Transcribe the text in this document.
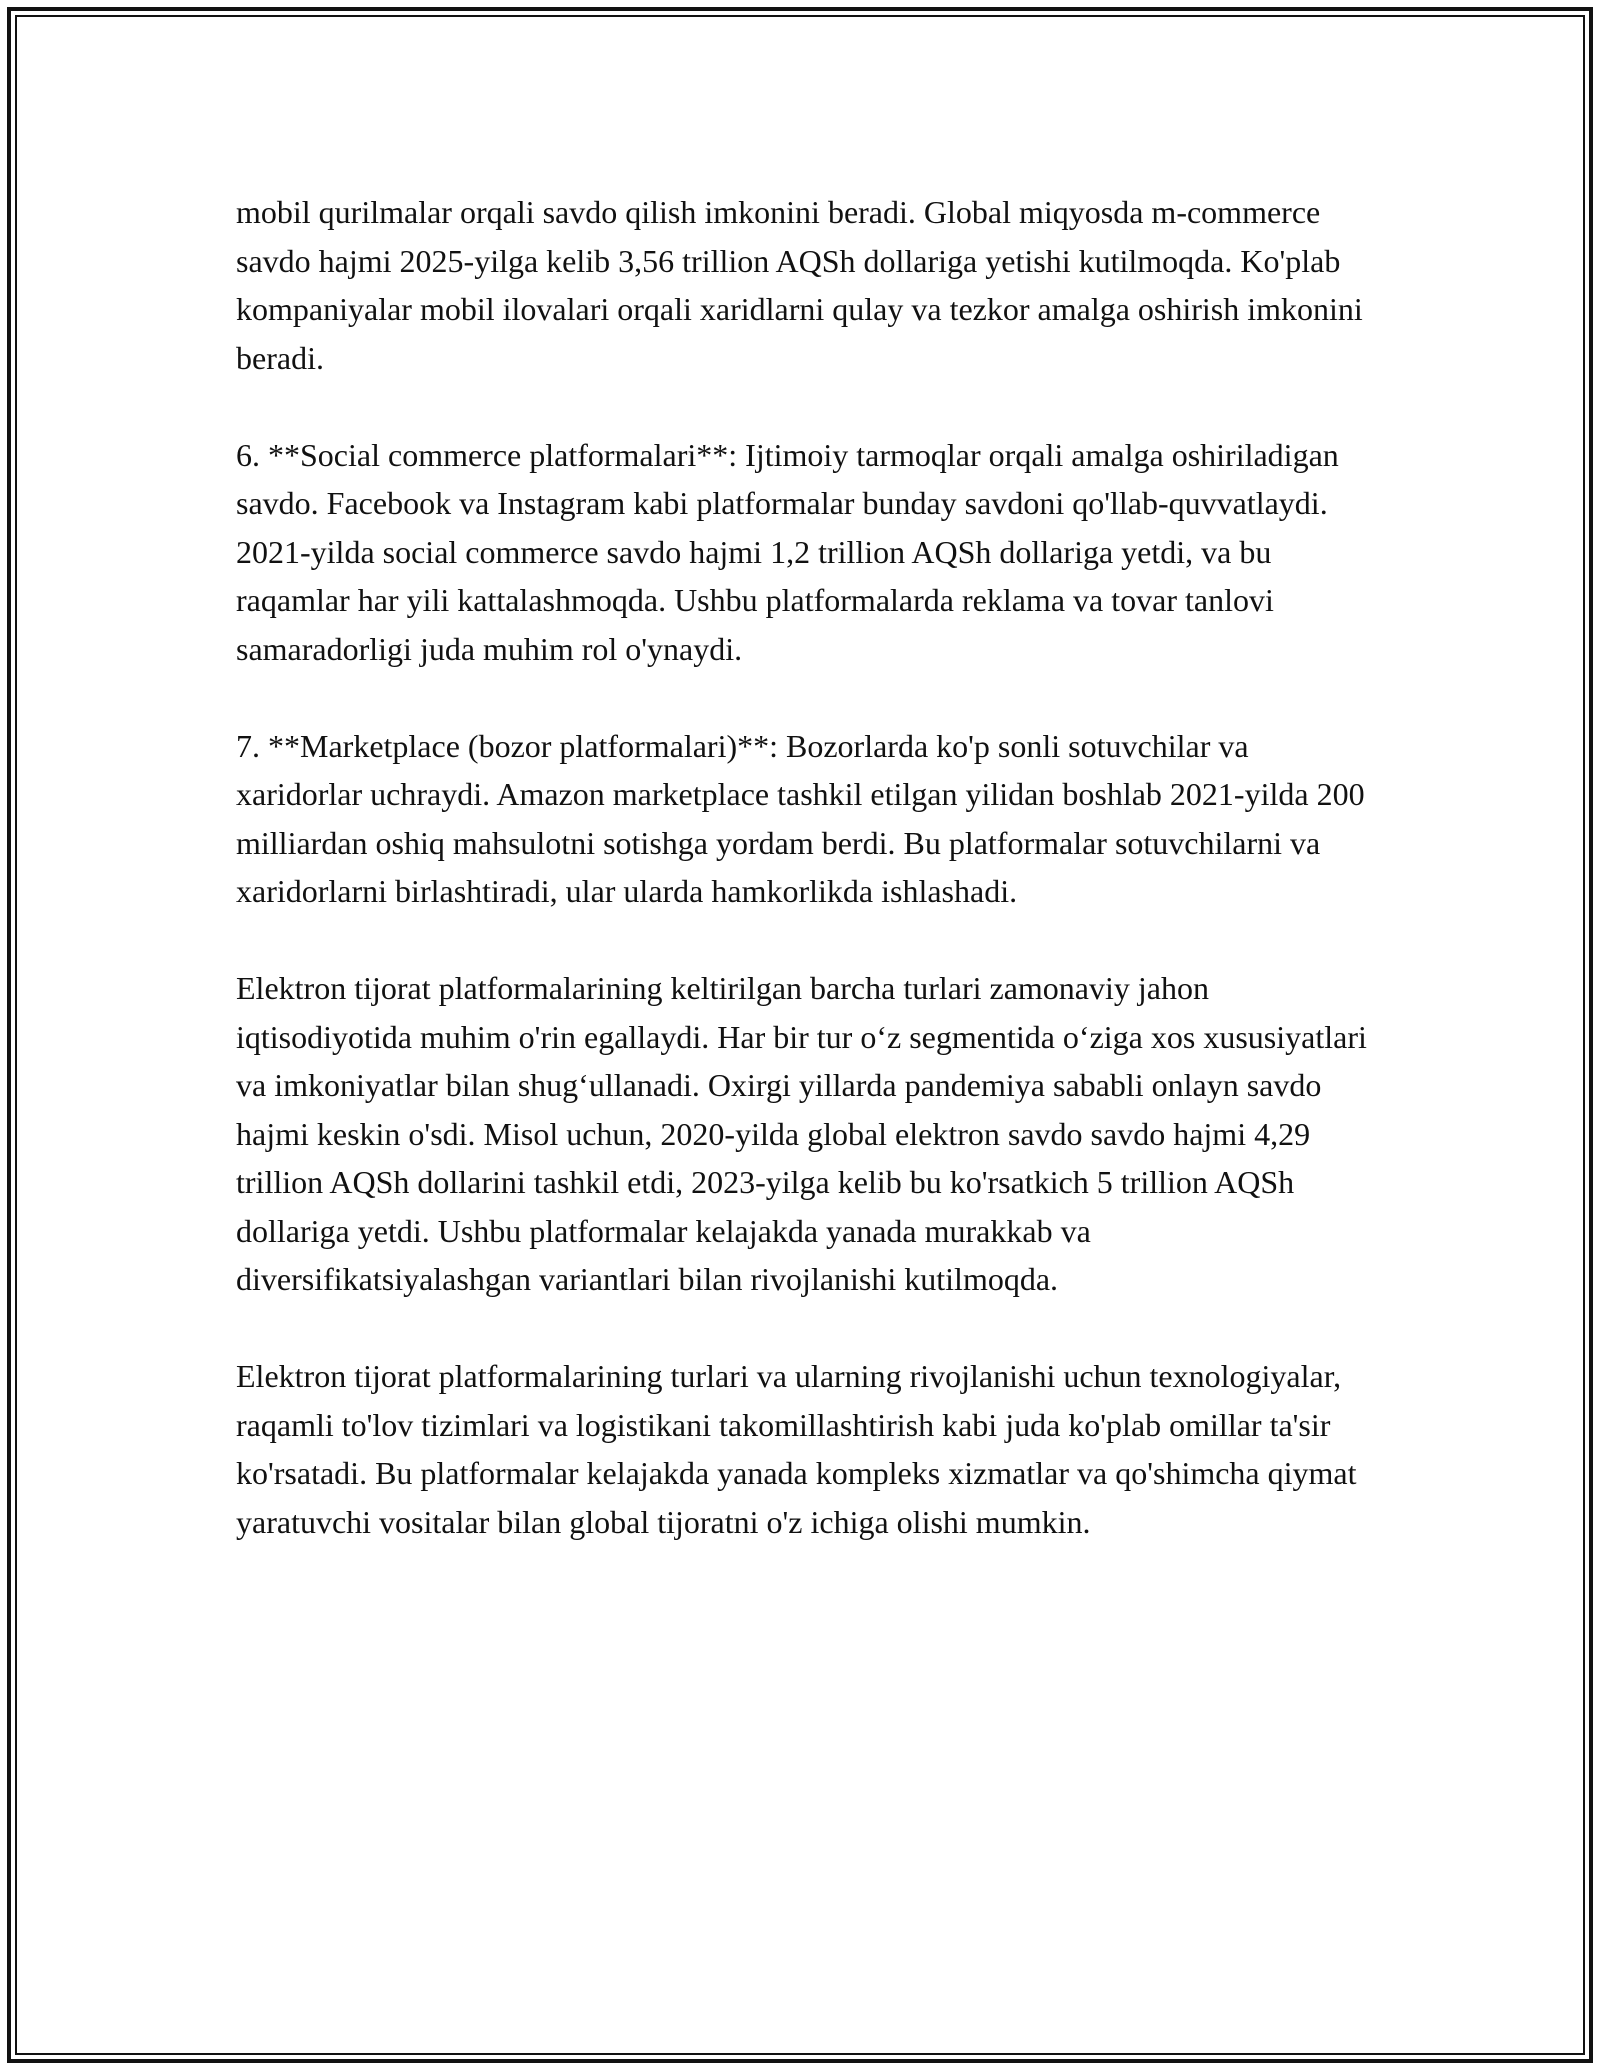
mobil qurilmalar orqali savdo qilish imkonini beradi. Global miqyosda m-commerce savdo hajmi 2025-yilga kelib 3,56 trillion AQSh dollariga yetishi kutilmoqda. Ko'plab kompaniyalar mobil ilovalari orqali xaridlarni qulay va tezkor amalga oshirish imkonini beradi.

6. **Social commerce platformalari**: Ijtimoiy tarmoqlar orqali amalga oshiriladigan savdo. Facebook va Instagram kabi platformalar bunday savdoni qo'llab-quvvatlaydi. 2021-yilda social commerce savdo hajmi 1,2 trillion AQSh dollariga yetdi, va bu raqamlar har yili kattalashmoqda. Ushbu platformalarda reklama va tovar tanlovi samaradorligi juda muhim rol o'ynaydi.

7. **Marketplace (bozor platformalari)**: Bozorlarda ko'p sonli sotuvchilar va xaridorlar uchraydi. Amazon marketplace tashkil etilgan yilidan boshlab 2021-yilda 200 milliardan oshiq mahsulotni sotishga yordam berdi. Bu platformalar sotuvchilarni va xaridorlarni birlashtiradi, ular ularda hamkorlikda ishlashadi.

Elektron tijorat platformalarining keltirilgan barcha turlari zamonaviy jahon iqtisodiyotida muhim o'rin egallaydi. Har bir tur o‘z segmentida o‘ziga xos xususiyatlari va imkoniyatlar bilan shug‘ullanadi. Oxirgi yillarda pandemiya sababli onlayn savdo hajmi keskin o'sdi. Misol uchun, 2020-yilda global elektron savdo savdo hajmi 4,29 trillion AQSh dollarini tashkil etdi, 2023-yilga kelib bu ko'rsatkich 5 trillion AQSh dollariga yetdi. Ushbu platformalar kelajakda yanada murakkab va diversifikatsiyalashgan variantlari bilan rivojlanishi kutilmoqda.

Elektron tijorat platformalarining turlari va ularning rivojlanishi uchun texnologiyalar, raqamli to'lov tizimlari va logistikani takomillashtirish kabi juda ko'plab omillar ta'sir ko'rsatadi. Bu platformalar kelajakda yanada kompleks xizmatlar va qo'shimcha qiymat yaratuvchi vositalar bilan global tijoratni o'z ichiga olishi mumkin.
